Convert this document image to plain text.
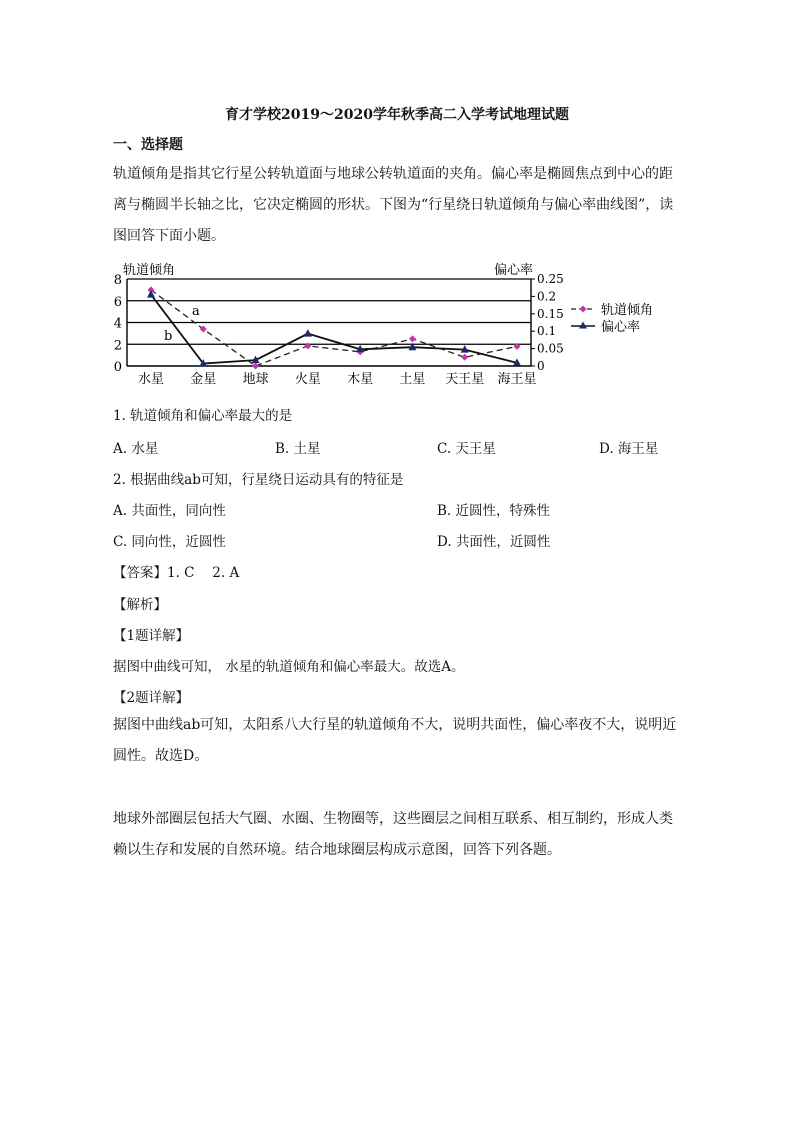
育才学校2019～2020学年秋季高二入学考试地理试题
一、选择题
轨道倾角是指其它行星公转轨道面与地球公转轨道面的夹角。偏心率是椭圆焦点到中心的距离与椭圆半长轴之比，它决定椭圆的形状。下图为“行星绕日轨道倾角与偏心率曲线图”，读图回答下面小题。
0
2
4
6
8
0
0.05
0.1
0.15
0.2
0.25
轨道倾角	偏心率
水星 金星 地球 火星 木星 土星 天王星 海王星
a
b
轨道倾角
偏心率
1. 轨道倾角和偏心率最大的是
A. 水星	B. 土星	C. 天王星	D. 海王星
2. 根据曲线ab可知，行星绕日运动具有的特征是
A. 共面性，同向性	B. 近圆性，特殊性
C. 同向性，近圆性	D. 共面性，近圆性
【答案】1. C　 2. A
【解析】
【1题详解】
据图中曲线可知， 水星的轨道倾角和偏心率最大。故选A。
【2题详解】
据图中曲线ab可知，太阳系八大行星的轨道倾角不大，说明共面性，偏心率夜不大，说明近圆性。故选D。
地球外部圈层包括大气圈、水圈、生物圈等，这些圈层之间相互联系、相互制约，形成人类赖以生存和发展的自然环境。结合地球圈层构成示意图，回答下列各题。
